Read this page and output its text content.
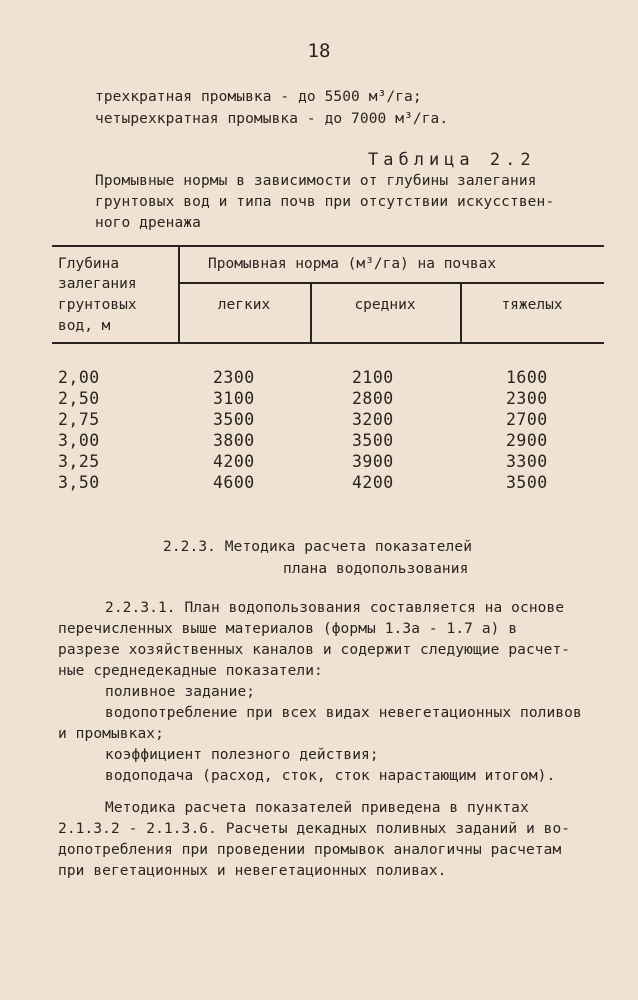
18
трехкратная промывка - до 5500 м³/га;
четырехкратная промывка - до 7000 м³/га.
Таблица 2.2
Промывные нормы в зависимости от глубины залегания
грунтовых вод и типа почв при отсутствии искусствен-
ного дренажа
Глубина
залегания
грунтовых
вод, м
Промывная норма (м³/га) на почвах
легких	средних	тяжелых
2,00	2300	2100	1600
2,50	3100	2800	2300
2,75	3500	3200	2700
3,00	3800	3500	2900
3,25	4200	3900	3300
3,50	4600	4200	3500
2.2.3. Методика расчета показателей
плана водопользования
2.2.3.1. План водопользования составляется на основе
перечисленных выше материалов (формы 1.3а - 1.7 а) в
разрезе хозяйственных каналов и содержит следующие расчет-
ные среднедекадные показатели:
поливное задание;
водопотребление при всех видах невегетационных поливов
и промывках;
коэффициент полезного действия;
водоподача (расход, сток, сток нарастающим итогом).
Методика расчета показателей приведена в пунктах
2.1.3.2 - 2.1.3.6. Расчеты декадных поливных заданий и во-
допотребления при проведении промывок аналогичны расчетам
при вегетационных и невегетационных поливах.
